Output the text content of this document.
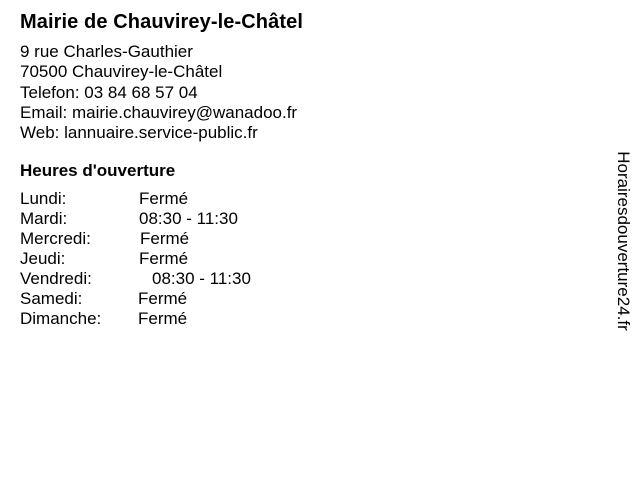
Mairie de Chauvirey-le-Châtel
9 rue Charles-Gauthier
70500 Chauvirey-le-Châtel
Telefon: 03 84 68 57 04
Email: mairie.chauvirey@wanadoo.fr
Web: lannuaire.service-public.fr
Heures d'ouverture
Lundi:	Fermé
Mardi:	08:30 - 11:30
Mercredi:	Fermé
Jeudi:	Fermé
Vendredi:	08:30 - 11:30
Samedi:	Fermé
Dimanche: Fermé	Horairesdouverture24.fr
